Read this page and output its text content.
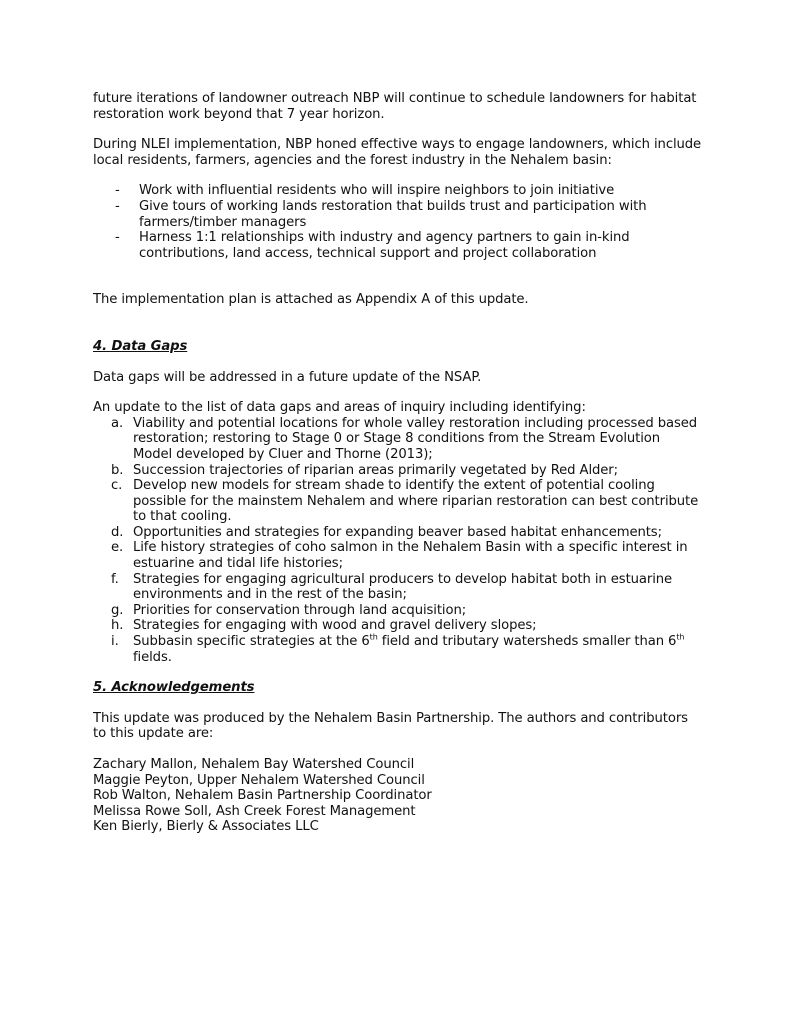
future iterations of landowner outreach NBP will continue to schedule landowners for habitat restoration work beyond that 7 year horizon.

During NLEI implementation, NBP honed effective ways to engage landowners, which include local residents, farmers, agencies and the forest industry in the Nehalem basin:

- Work with influential residents who will inspire neighbors to join initiative
- Give tours of working lands restoration that builds trust and participation with farmers/timber managers
- Harness 1:1 relationships with industry and agency partners to gain in-kind contributions, land access, technical support and project collaboration

The implementation plan is attached as Appendix A of this update.

4. Data Gaps

Data gaps will be addressed in a future update of the NSAP.

An update to the list of data gaps and areas of inquiry including identifying:

a. Viability and potential locations for whole valley restoration including processed based restoration; restoring to Stage 0 or Stage 8 conditions from the Stream Evolution Model developed by Cluer and Thorne (2013);
b. Succession trajectories of riparian areas primarily vegetated by Red Alder;
c. Develop new models for stream shade to identify the extent of potential cooling possible for the mainstem Nehalem and where riparian restoration can best contribute to that cooling.
d. Opportunities and strategies for expanding beaver based habitat enhancements;
e. Life history strategies of coho salmon in the Nehalem Basin with a specific interest in estuarine and tidal life histories;
f. Strategies for engaging agricultural producers to develop habitat both in estuarine environments and in the rest of the basin;
g. Priorities for conservation through land acquisition;
h. Strategies for engaging with wood and gravel delivery slopes;
i. Subbasin specific strategies at the 6th field and tributary watersheds smaller than 6th fields.

5. Acknowledgements

This update was produced by the Nehalem Basin Partnership. The authors and contributors to this update are:

Zachary Mallon, Nehalem Bay Watershed Council

Maggie Peyton, Upper Nehalem Watershed Council

Rob Walton, Nehalem Basin Partnership Coordinator

Melissa Rowe Soll, Ash Creek Forest Management

Ken Bierly, Bierly & Associates LLC
